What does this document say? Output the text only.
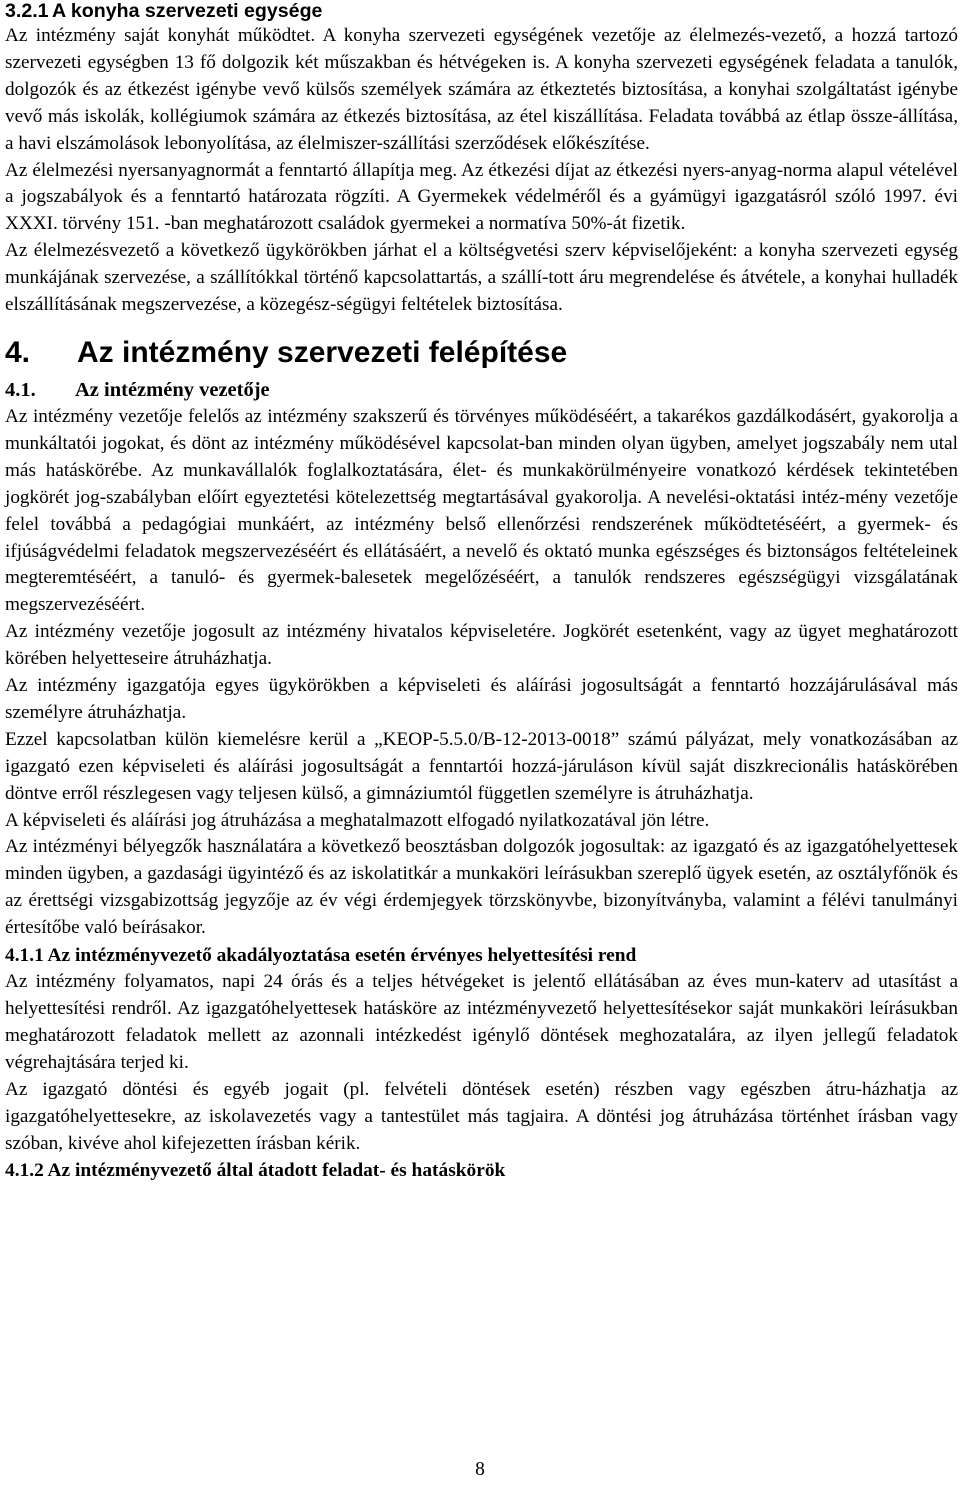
3.2.1 A konyha szervezeti egysége

Az intézmény saját konyhát működtet. A konyha szervezeti egységének vezetője az élelmezés-vezető, a hozzá tartozó szervezeti egységben 13 fő dolgozik két műszakban és hétvégeken is. A konyha szervezeti egységének feladata a tanulók, dolgozók és az étkezést igénybe vevő külsős személyek számára az étkeztetés biztosítása, a konyhai szolgáltatást igénybe vevő más iskolák, kollégiumok számára az étkezés biztosítása, az étel kiszállítása. Feladata továbbá az étlap össze-állítása, a havi elszámolások lebonyolítása, az élelmiszer-szállítási szerződések előkészítése.

Az élelmezési nyersanyagnormát a fenntartó állapítja meg. Az étkezési díjat az étkezési nyers-anyag-norma alapul vételével a jogszabályok és a fenntartó határozata rögzíti. A Gyermekek védelméről és a gyámügyi igazgatásról szóló 1997. évi XXXI. törvény 151. -ban meghatározott családok gyermekei a normatíva 50%-át fizetik.

Az élelmezésvezető a következő ügykörökben járhat el a költségvetési szerv képviselőjeként: a konyha szervezeti egység munkájának szervezése, a szállítókkal történő kapcsolattartás, a szállí-tott áru megrendelése és átvétele, a konyhai hulladék elszállításának megszervezése, a közegész-ségügyi feltételek biztosítása.

4. Az intézmény szervezeti felépítése
4.1. Az intézmény vezetője

Az intézmény vezetője felelős az intézmény szakszerű és törvényes működéséért, a takarékos gazdálkodásért, gyakorolja a munkáltatói jogokat, és dönt az intézmény működésével kapcsolat-ban minden olyan ügyben, amelyet jogszabály nem utal más hatáskörébe. Az munkavállalók foglalkoztatására, élet- és munkakörülményeire vonatkozó kérdések tekintetében jogkörét jog-szabályban előírt egyeztetési kötelezettség megtartásával gyakorolja. A nevelési-oktatási intéz-mény vezetője felel továbbá a pedagógiai munkáért, az intézmény belső ellenőrzési rendszerének működtetéséért, a gyermek- és ifjúságvédelmi feladatok megszervezéséért és ellátásáért, a nevelő és oktató munka egészséges és biztonságos feltételeinek megteremtéséért, a tanuló- és gyermek-balesetek megelőzéséért, a tanulók rendszeres egészségügyi vizsgálatának megszervezéséért.

Az intézmény vezetője jogosult az intézmény hivatalos képviseletére. Jogkörét esetenként, vagy az ügyet meghatározott körében helyetteseire átruházhatja.

Az intézmény igazgatója egyes ügykörökben a képviseleti és aláírási jogosultságát a fenntartó hozzájárulásával más személyre átruházhatja.

Ezzel kapcsolatban külön kiemelésre kerül a „KEOP-5.5.0/B-12-2013-0018” számú pályázat, mely vonatkozásában az igazgató ezen képviseleti és aláírási jogosultságát a fenntartói hozzá-járuláson kívül saját diszkrecionális hatáskörében döntve erről részlegesen vagy teljesen külső, a gimnáziumtól független személyre is átruházhatja.

A képviseleti és aláírási jog átruházása a meghatalmazott elfogadó nyilatkozatával jön létre.

Az intézményi bélyegzők használatára a következő beosztásban dolgozók jogosultak: az igazgató és az igazgatóhelyettesek minden ügyben, a gazdasági ügyintéző és az iskolatitkár a munkaköri leírásukban szereplő ügyek esetén, az osztályfőnök és az érettségi vizsgabizottság jegyzője az év végi érdemjegyek törzskönyvbe, bizonyítványba, valamint a félévi tanulmányi értesítőbe való beírásakor.

4.1.1 Az intézményvezető akadályoztatása esetén érvényes helyettesítési rend

Az intézmény folyamatos, napi 24 órás és a teljes hétvégeket is jelentő ellátásában az éves mun-katerv ad utasítást a helyettesítési rendről. Az igazgatóhelyettesek hatásköre az intézményvezető helyettesítésekor saját munkaköri leírásukban meghatározott feladatok mellett az azonnali intézkedést igénylő döntések meghozatalára, az ilyen jellegű feladatok végrehajtására terjed ki.

Az igazgató döntési és egyéb jogait (pl. felvételi döntések esetén) részben vagy egészben átru-házhatja az igazgatóhelyettesekre, az iskolavezetés vagy a tantestület más tagjaira. A döntési jog átruházása történhet írásban vagy szóban, kivéve ahol kifejezetten írásban kérik.

4.1.2 Az intézményvezető által átadott feladat- és hatáskörök
8
